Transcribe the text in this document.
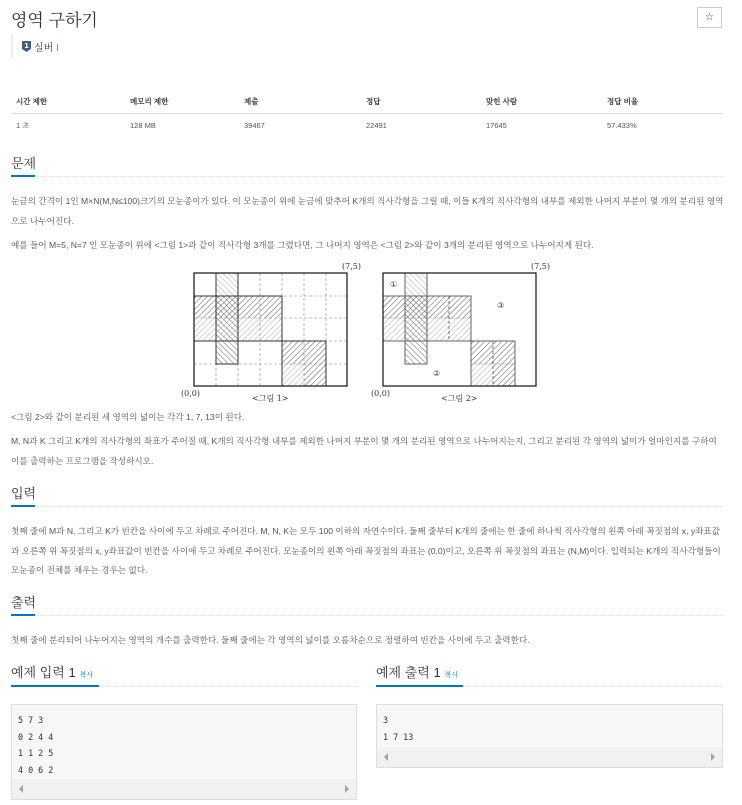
영역 구하기	☆
1 실버 I
시간 제한	메모리 제한	제출	정답	맞힌 사람	정답 비율
1 초	128 MB	39467	22491	17645	57.433%
문제

눈금의 간격이 1인 M×N(M,N≤100)크기의 모눈종이가 있다. 이 모눈종이 위에 눈금에 맞추어 K개의 직사각형을 그릴 때, 이들 K개의 직사각형의 내부를 제외한 나머지 부분이 몇 개의 분리된 영역으로 나누어진다.

예를 들어 M=5, N=7 인 모눈종이 위에 <그림 1>과 같이 직사각형 3개를 그렸다면, 그 나머지 영역은 <그림 2>와 같이 3개의 분리된 영역으로 나누어지게 된다.

(7,5)
(0,0)
<그림 1>
(7,5)
(0,0)
<그림 2>
①
②
③

<그림 2>와 같이 분리된 세 영역의 넓이는 각각 1, 7, 13이 된다.

M, N과 K 그리고 K개의 직사각형의 좌표가 주어질 때, K개의 직사각형 내부를 제외한 나머지 부분이 몇 개의 분리된 영역으로 나누어지는지, 그리고 분리된 각 영역의 넓이가 얼마인지를 구하여 이를 출력하는 프로그램을 작성하시오.

입력

첫째 줄에 M과 N, 그리고 K가 빈칸을 사이에 두고 차례로 주어진다. M, N, K는 모두 100 이하의 자연수이다. 둘째 줄부터 K개의 줄에는 한 줄에 하나씩 직사각형의 왼쪽 아래 꼭짓점의 x, y좌표값과 오른쪽 위 꼭짓점의 x, y좌표값이 빈칸을 사이에 두고 차례로 주어진다. 모눈종이의 왼쪽 아래 꼭짓점의 좌표는 (0,0)이고, 오른쪽 위 꼭짓점의 좌표는 (N,M)이다. 입력되는 K개의 직사각형들이 모눈종이 전체를 채우는 경우는 없다.

출력

첫째 줄에 분리되어 나누어지는 영역의 개수를 출력한다. 둘째 줄에는 각 영역의 넓이를 오름차순으로 정렬하여 빈칸을 사이에 두고 출력한다.

예제 입력 1 복사
5 7 3
0 2 4 4
1 1 2 5
4 0 6 2
예제 출력 1 복사
3
1 7 13
